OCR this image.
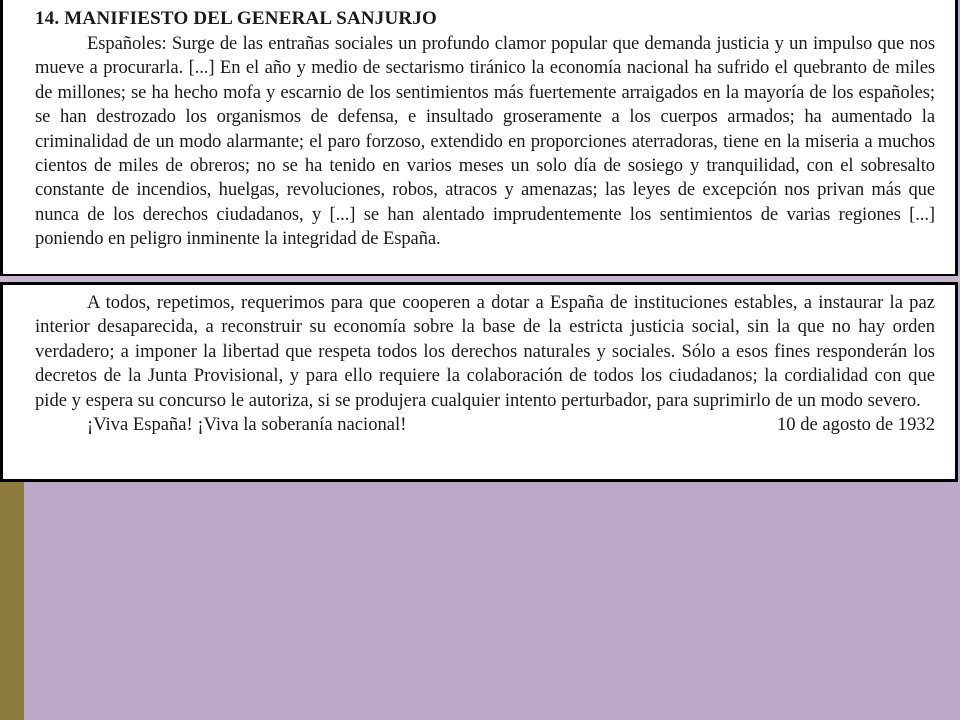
14. MANIFIESTO DEL GENERAL SANJURJO

Españoles: Surge de las entrañas sociales un profundo clamor popular que demanda justicia y un impulso que nos mueve a procurarla. [...] En el año y medio de sectarismo tiránico la economía nacional ha sufrido el quebranto de miles de millones; se ha hecho mofa y escarnio de los sentimientos más fuertemente arraigados en la mayoría de los españoles; se han destrozado los organismos de defensa, e insultado groseramente a los cuerpos armados; ha aumentado la criminalidad de un modo alarmante; el paro forzoso, extendido en proporciones aterradoras, tiene en la miseria a muchos cientos de miles de obreros; no se ha tenido en varios meses un solo día de sosiego y tranquilidad, con el sobresalto constante de incendios, huelgas, revoluciones, robos, atracos y amenazas; las leyes de excepción nos privan más que nunca de los derechos ciudadanos, y [...] se han alentado imprudentemente los sentimientos de varias regiones [...] poniendo en peligro inminente la integridad de España.

A todos, repetimos, requerimos para que cooperen a dotar a España de instituciones estables, a instaurar la paz interior desaparecida, a reconstruir su economía sobre la base de la estricta justicia social, sin la que no hay orden verdadero; a imponer la libertad que respeta todos los derechos naturales y sociales. Sólo a esos fines responderán los decretos de la Junta Provisional, y para ello requiere la colaboración de todos los ciudadanos; la cordialidad con que pide y espera su concurso le autoriza, si se produjera cualquier intento perturbador, para suprimirlo de un modo severo.

¡Viva España! ¡Viva la soberanía nacional!	10 de agosto de 1932
